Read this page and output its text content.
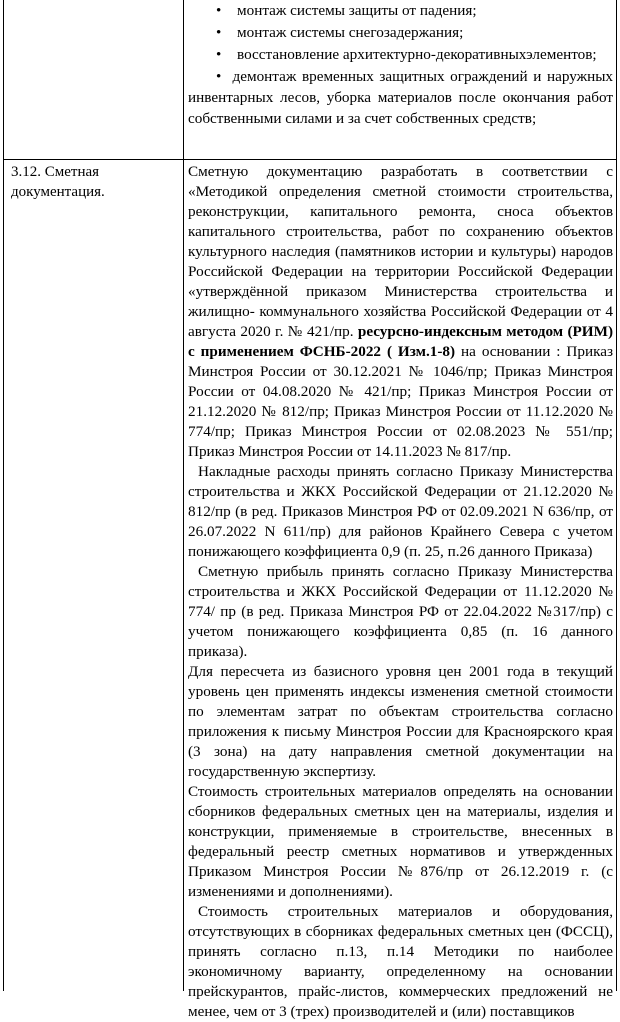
• монтаж системы защиты от падения;
• монтаж системы снегозадержания;
• восстановление архитектурно-декоративныхэлементов;

• демонтаж временных защитных ограждений и наружных инвентарных лесов, уборка материалов после окончания работ собственными силами и за счет собственных средств;

3.12. Сметная документация.

Сметную документацию разработать в соответствии с «Методикой определения сметной стоимости строительства, реконструкции, капитального ремонта, сноса объектов капитального строительства, работ по сохранению объектов культурного наследия (памятников истории и культуры) народов Российской Федерации на территории Российской Федерации «утверждённой приказом Министерства строительства и жилищно- коммунального хозяйства Российской Федерации от 4 августа 2020 г. № 421/пр. ресурсно-индексным методом (РИМ) с применением ФСНБ-2022 ( Изм.1-8) на основании : Приказ Минстроя России от 30.12.2021 № 1046/пр; Приказ Минстроя России от 04.08.2020 № 421/пр; Приказ Минстроя России от 21.12.2020 № 812/пр; Приказ Минстроя России от 11.12.2020 № 774/пр; Приказ Минстроя России от 02.08.2023 № 551/пр; Приказ Минстроя России от 14.11.2023 № 817/пр.

Накладные расходы принять согласно Приказу Министерства строительства и ЖКХ Российской Федерации от 21.12.2020 № 812/пр (в ред. Приказов Минстроя РФ от 02.09.2021 N 636/пр, от 26.07.2022 N 611/пр) для районов Крайнего Севера с учетом понижающего коэффициента 0,9 (п. 25, п.26 данного Приказа)

Сметную прибыль принять согласно Приказу Министерства строительства и ЖКХ Российской Федерации от 11.12.2020 № 774/ пр (в ред. Приказа Минстроя РФ от 22.04.2022 №317/пр) с учетом понижающего коэффициента 0,85 (п. 16 данного приказа).

Для пересчета из базисного уровня цен 2001 года в текущий уровень цен применять индексы изменения сметной стоимости по элементам затрат по объектам строительства согласно приложения к письму Минстроя России для Красноярского края (3 зона) на дату направления сметной документации на государственную экспертизу.

Стоимость строительных материалов определять на основании сборников федеральных сметных цен на материалы, изделия и конструкции, применяемые в строительстве, внесенных в федеральный реестр сметных нормативов и утвержденных Приказом Минстроя России №876/пр от 26.12.2019 г. (с изменениями и дополнениями).

Стоимость строительных материалов и оборудования, отсутствующих в сборниках федеральных сметных цен (ФССЦ), принять согласно п.13, п.14 Методики по наиболее экономичному варианту, определенному на основании прейскурантов, прайс-листов, коммерческих предложений не менее, чем от 3 (трех) производителей и (или) поставщиков
